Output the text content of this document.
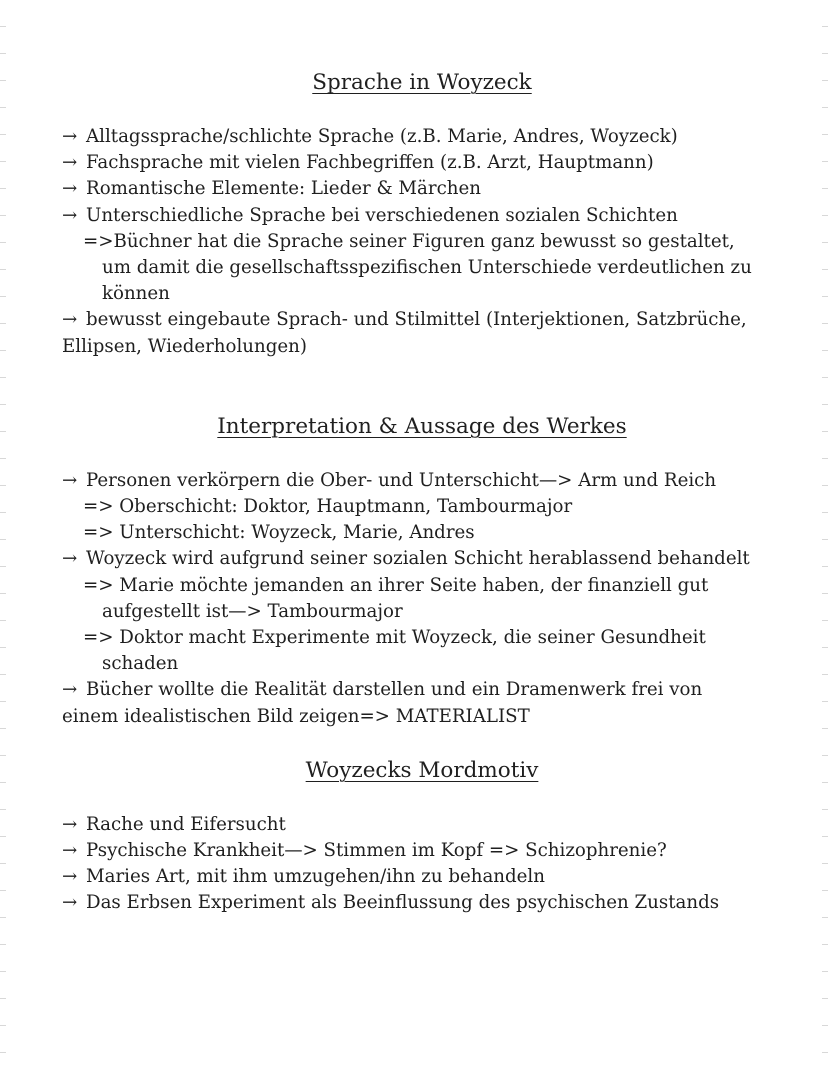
Sprache in Woyzeck
→ Alltagssprache/schlichte Sprache (z.B. Marie, Andres, Woyzeck)
→ Fachsprache mit vielen Fachbegriffen (z.B. Arzt, Hauptmann)
→ Romantische Elemente: Lieder & Märchen
→ Unterschiedliche Sprache bei verschiedenen sozialen Schichten
=>Büchner hat die Sprache seiner Figuren ganz bewusst so gestaltet,
um damit die gesellschaftsspezifischen Unterschiede verdeutlichen zu
können
→ bewusst eingebaute Sprach- und Stilmittel (Interjektionen, Satzbrüche,
Ellipsen, Wiederholungen)
Interpretation & Aussage des Werkes
→ Personen verkörpern die Ober- und Unterschicht—> Arm und Reich
=> Oberschicht: Doktor, Hauptmann, Tambourmajor
=> Unterschicht: Woyzeck, Marie, Andres
→ Woyzeck wird aufgrund seiner sozialen Schicht herablassend behandelt
=> Marie möchte jemanden an ihrer Seite haben, der finanziell gut
aufgestellt ist—> Tambourmajor
=> Doktor macht Experimente mit Woyzeck, die seiner Gesundheit
schaden
→ Bücher wollte die Realität darstellen und ein Dramenwerk frei von
einem idealistischen Bild zeigen=> MATERIALIST
Woyzecks Mordmotiv
→ Rache und Eifersucht
→ Psychische Krankheit—> Stimmen im Kopf => Schizophrenie?
→ Maries Art, mit ihm umzugehen/ihn zu behandeln
→ Das Erbsen Experiment als Beeinflussung des psychischen Zustands
